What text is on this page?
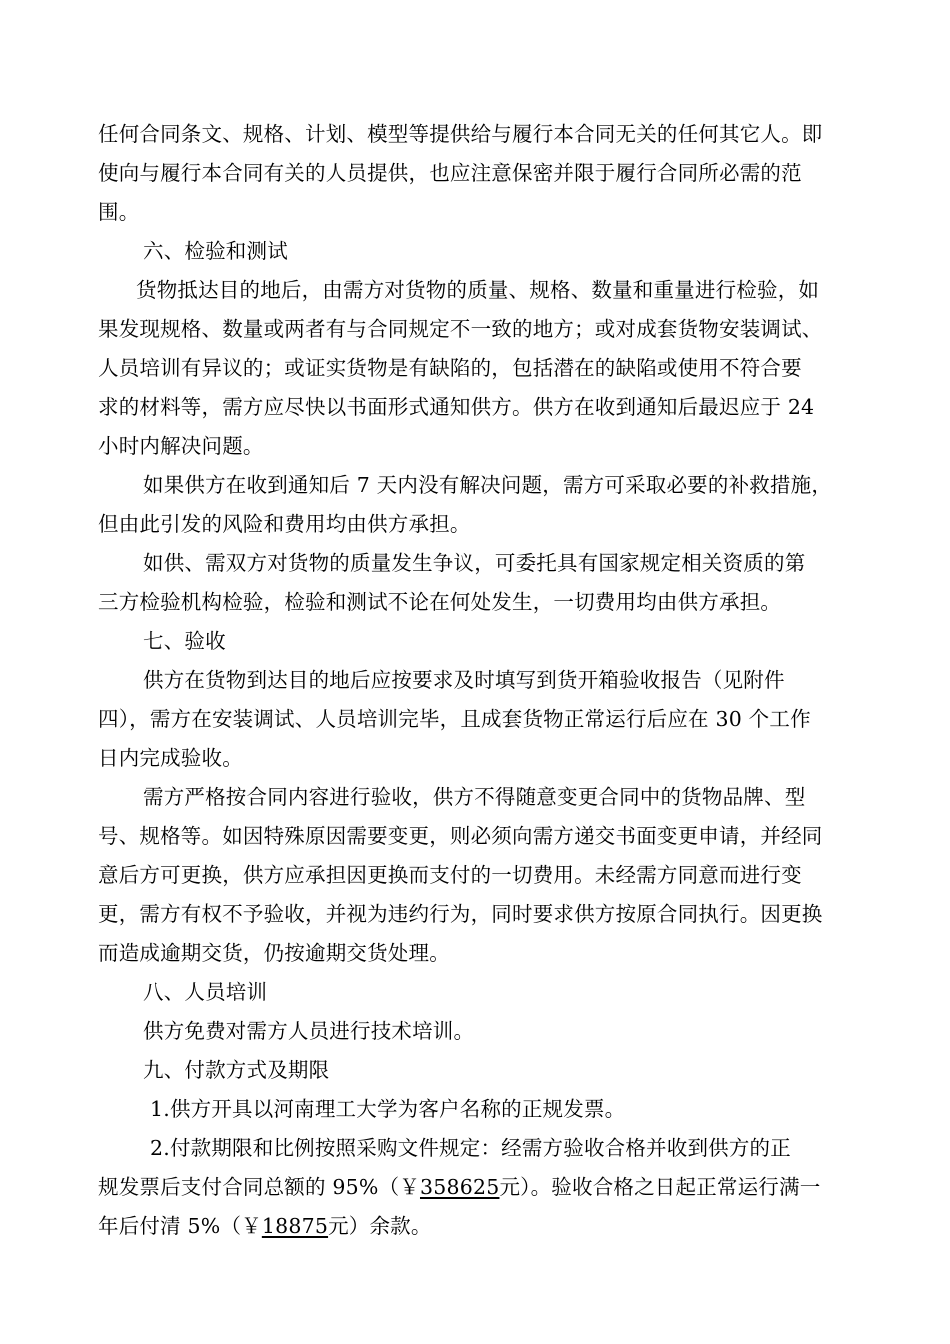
任何合同条文、规格、计划、模型等提供给与履行本合同无关的任何其它人。即
使向与履行本合同有关的人员提供，也应注意保密并限于履行合同所必需的范
围。
六、检验和测试
货物抵达目的地后，由需方对货物的质量、规格、数量和重量进行检验，如
果发现规格、数量或两者有与合同规定不一致的地方；或对成套货物安装调试、
人员培训有异议的；或证实货物是有缺陷的，包括潜在的缺陷或使用不符合要
求的材料等，需方应尽快以书面形式通知供方。供方在收到通知后最迟应于 24
小时内解决问题。
如果供方在收到通知后 7 天内没有解决问题，需方可采取必要的补救措施，
但由此引发的风险和费用均由供方承担。
如供、需双方对货物的质量发生争议，可委托具有国家规定相关资质的第
三方检验机构检验，检验和测试不论在何处发生，一切费用均由供方承担。
七、验收
供方在货物到达目的地后应按要求及时填写到货开箱验收报告（见附件
四），需方在安装调试、人员培训完毕，且成套货物正常运行后应在 30 个工作
日内完成验收。
需方严格按合同内容进行验收，供方不得随意变更合同中的货物品牌、型
号、规格等。如因特殊原因需要变更，则必须向需方递交书面变更申请，并经同
意后方可更换，供方应承担因更换而支付的一切费用。未经需方同意而进行变
更，需方有权不予验收，并视为违约行为，同时要求供方按原合同执行。因更换
而造成逾期交货，仍按逾期交货处理。
八、人员培训
供方免费对需方人员进行技术培训。
九、付款方式及期限
1.供方开具以河南理工大学为客户名称的正规发票。
2.付款期限和比例按照采购文件规定：经需方验收合格并收到供方的正
规发票后支付合同总额的 95%（￥358625元）。验收合格之日起正常运行满一
年后付清 5%（￥18875元）余款。
